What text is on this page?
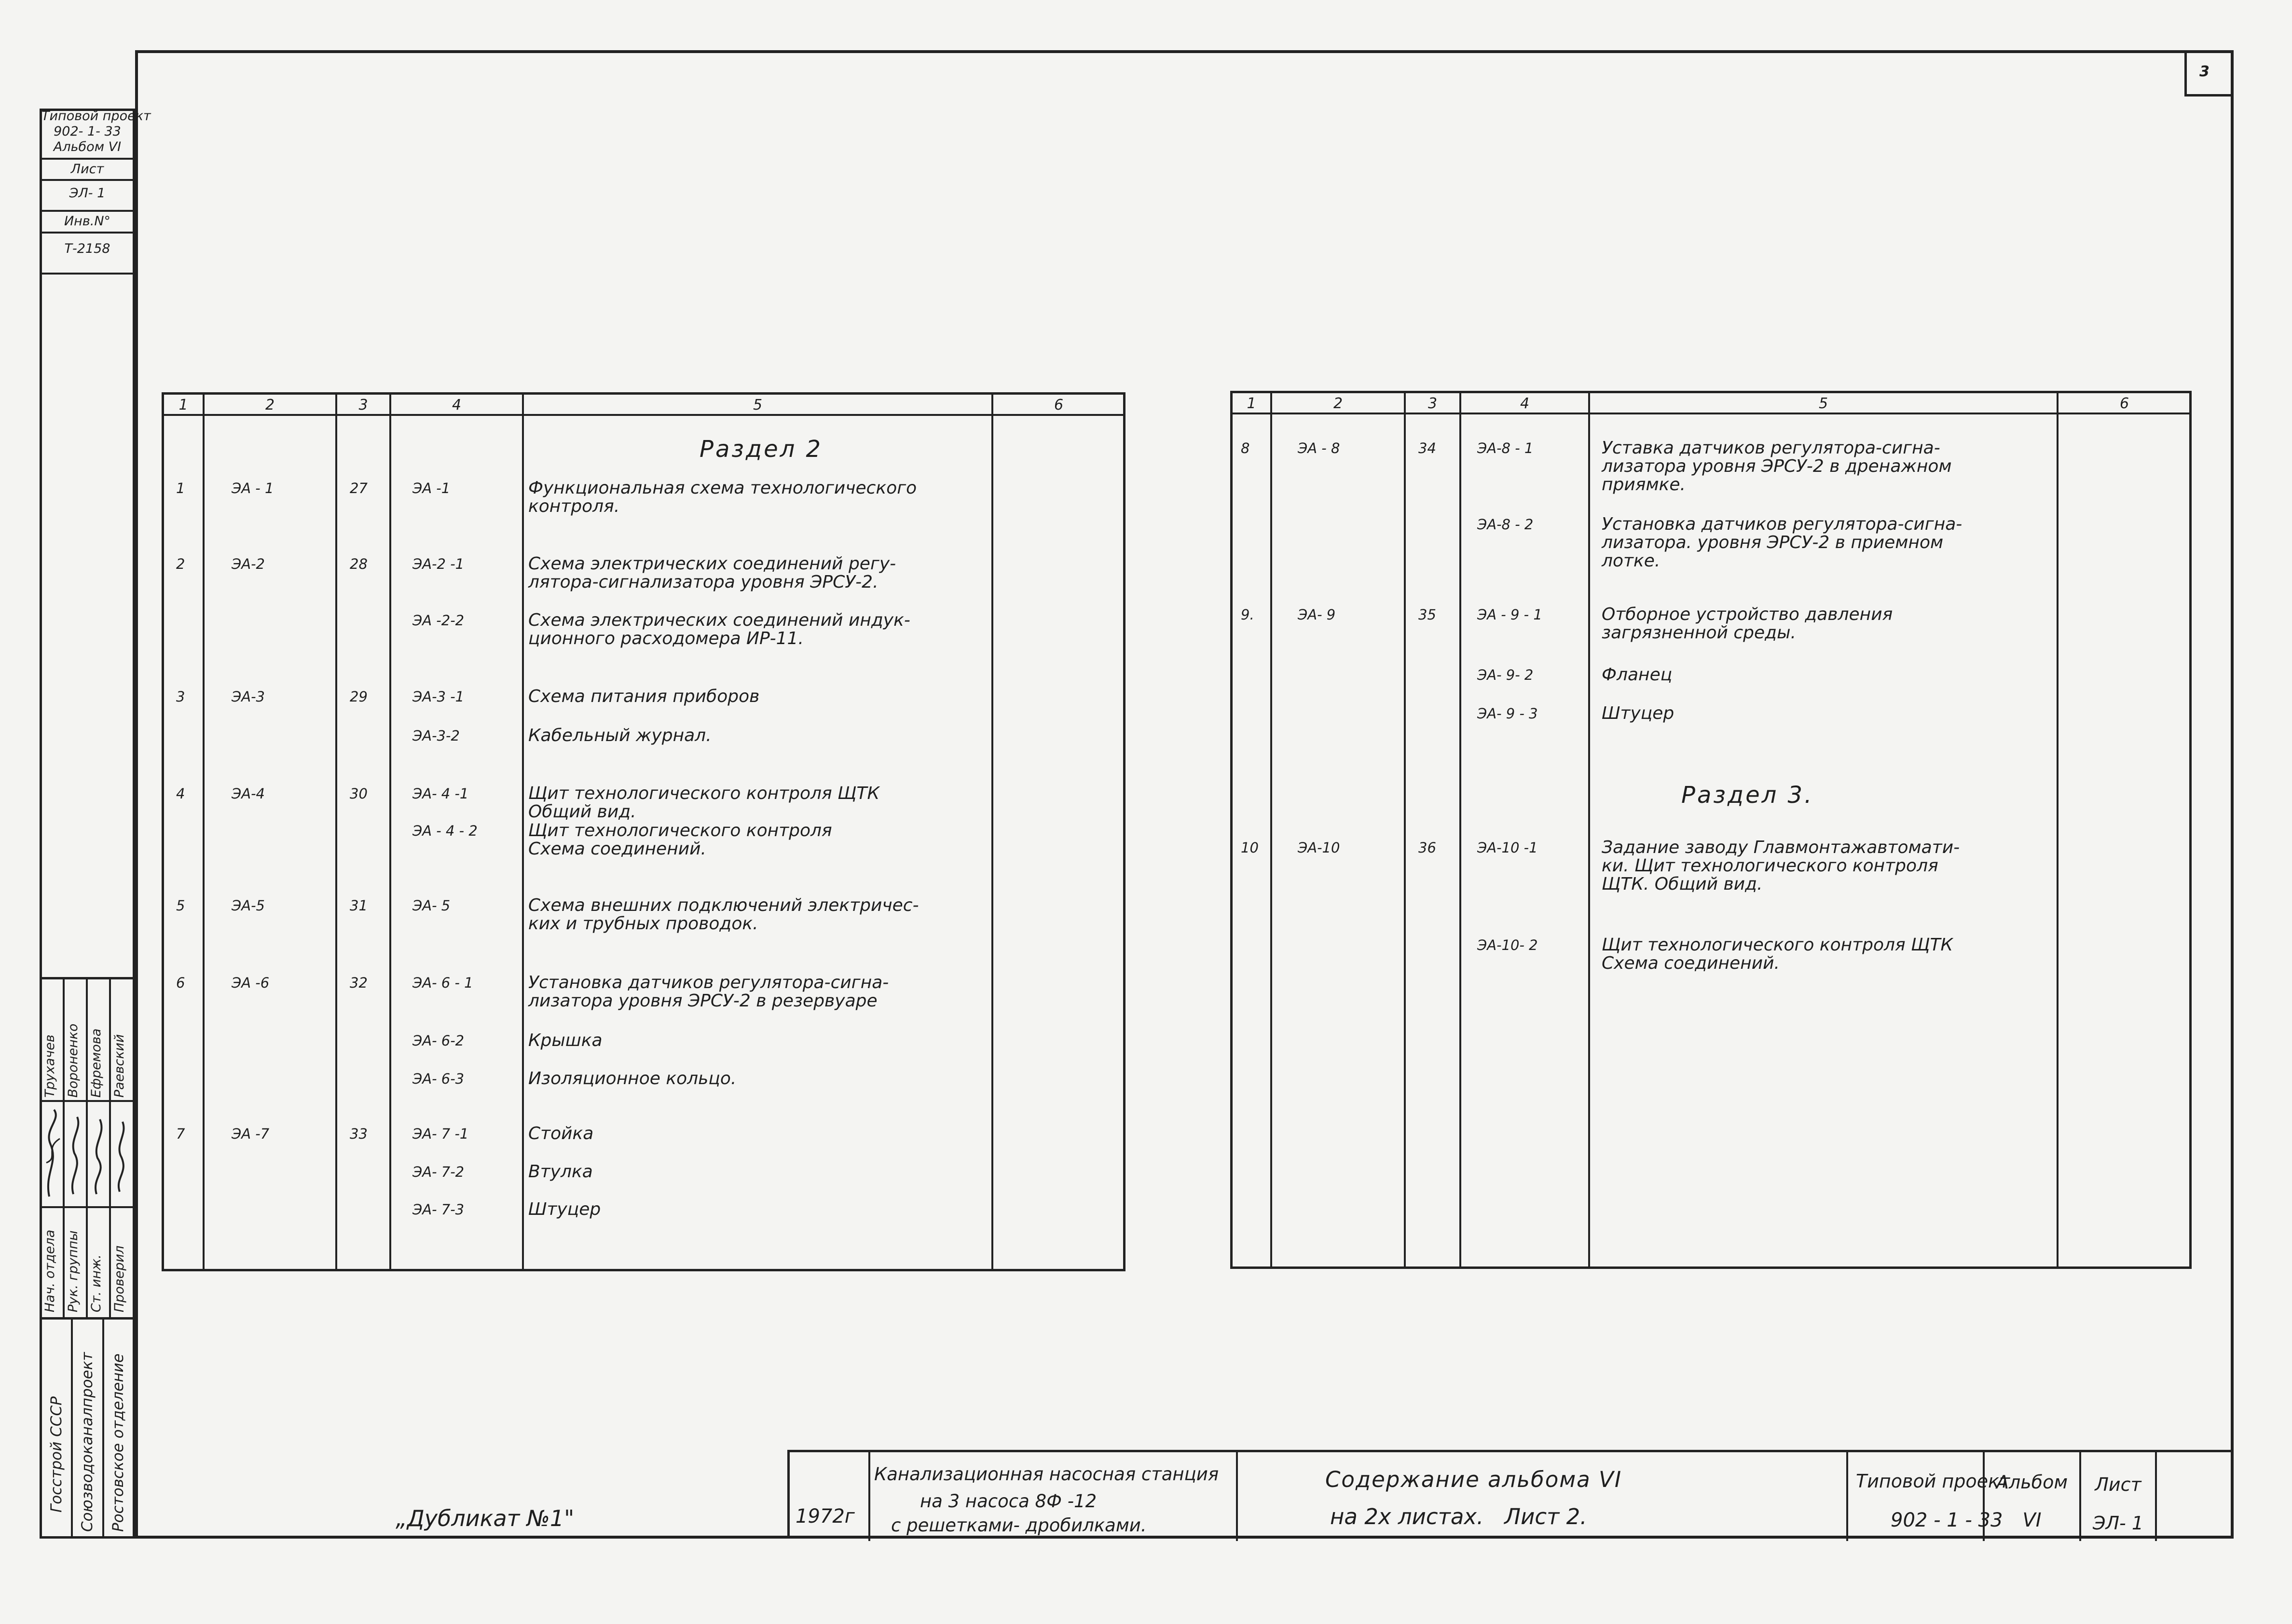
3
Типовой проект
902- 1- 33
Альбом VI
Лист
ЭЛ- 1
Инв.N°
Т-2158
Нач. отдела Рук. группы Ст. инж. Проверил
Трухачев Вороненко Ефремова Раевский
Госстрой СССР Союзводоканалпроект Ростовское отделение
1	2	3	4	5	6
Раздел 2
1	ЭА - 1	27	ЭА -1	Функциональная схема технологического
контроля.
2	ЭА-2	28	ЭА-2 -1	Схема электрических соединений регу-
лятора-сигнализатора уровня ЭРСУ-2.
ЭА -2-2	Схема электрических соединений индук-
ционного расходомера ИР-11.
3	ЭА-3	29	ЭА-3 -1	Схема питания приборов
ЭА-3-2	Кабельный журнал.
4	ЭА-4	30	ЭА- 4 -1	Щит технологического контроля ЩТК
Общий вид.
ЭА - 4 - 2	Щит технологического контроля
Схема соединений.
5	ЭА-5	31	ЭА- 5	Схема внешних подключений электричес-
ких и трубных проводок.
6	ЭА -6	32	ЭА- 6 - 1	Установка датчиков регулятора-сигна-
лизатора уровня ЭРСУ-2 в резервуаре
ЭА- 6-2	Крышка
ЭА- 6-3	Изоляционное кольцо.
7	ЭА -7	33	ЭА- 7 -1	Стойка
ЭА- 7-2	Втулка
ЭА- 7-3	Штуцер
1	2	3	4	5	6
Раздел 3.
8	ЭА - 8	34	ЭА-8 - 1	Уставка датчиков регулятора-сигна-
лизатора уровня ЭРСУ-2 в дренажном
приямке.
ЭА-8 - 2	Установка датчиков регулятора-сигна-
лизатора. уровня ЭРСУ-2 в приемном
лотке.
9.	ЭА- 9	35	ЭА - 9 - 1	Отборное устройство давления
загрязненной среды.
ЭА- 9- 2	Фланец
ЭА- 9 - 3	Штуцер
10	ЭА-10	36	ЭА-10 -1	Задание заводу Главмонтажавтомати-
ки. Щит технологического контроля
ЩТК. Общий вид.
ЭА-10- 2	Щит технологического контроля ЩТК
Схема соединений.
„Дубликат №1"	1972г
Канализационная насосная станция
на 3 насоса 8Ф -12
с решетками- дробилками.
Содержание альбома VI
на 2х листах.   Лист 2.
Типовой проект
902 - 1 - 33
Альбом
VI
Лист
ЭЛ- 1
